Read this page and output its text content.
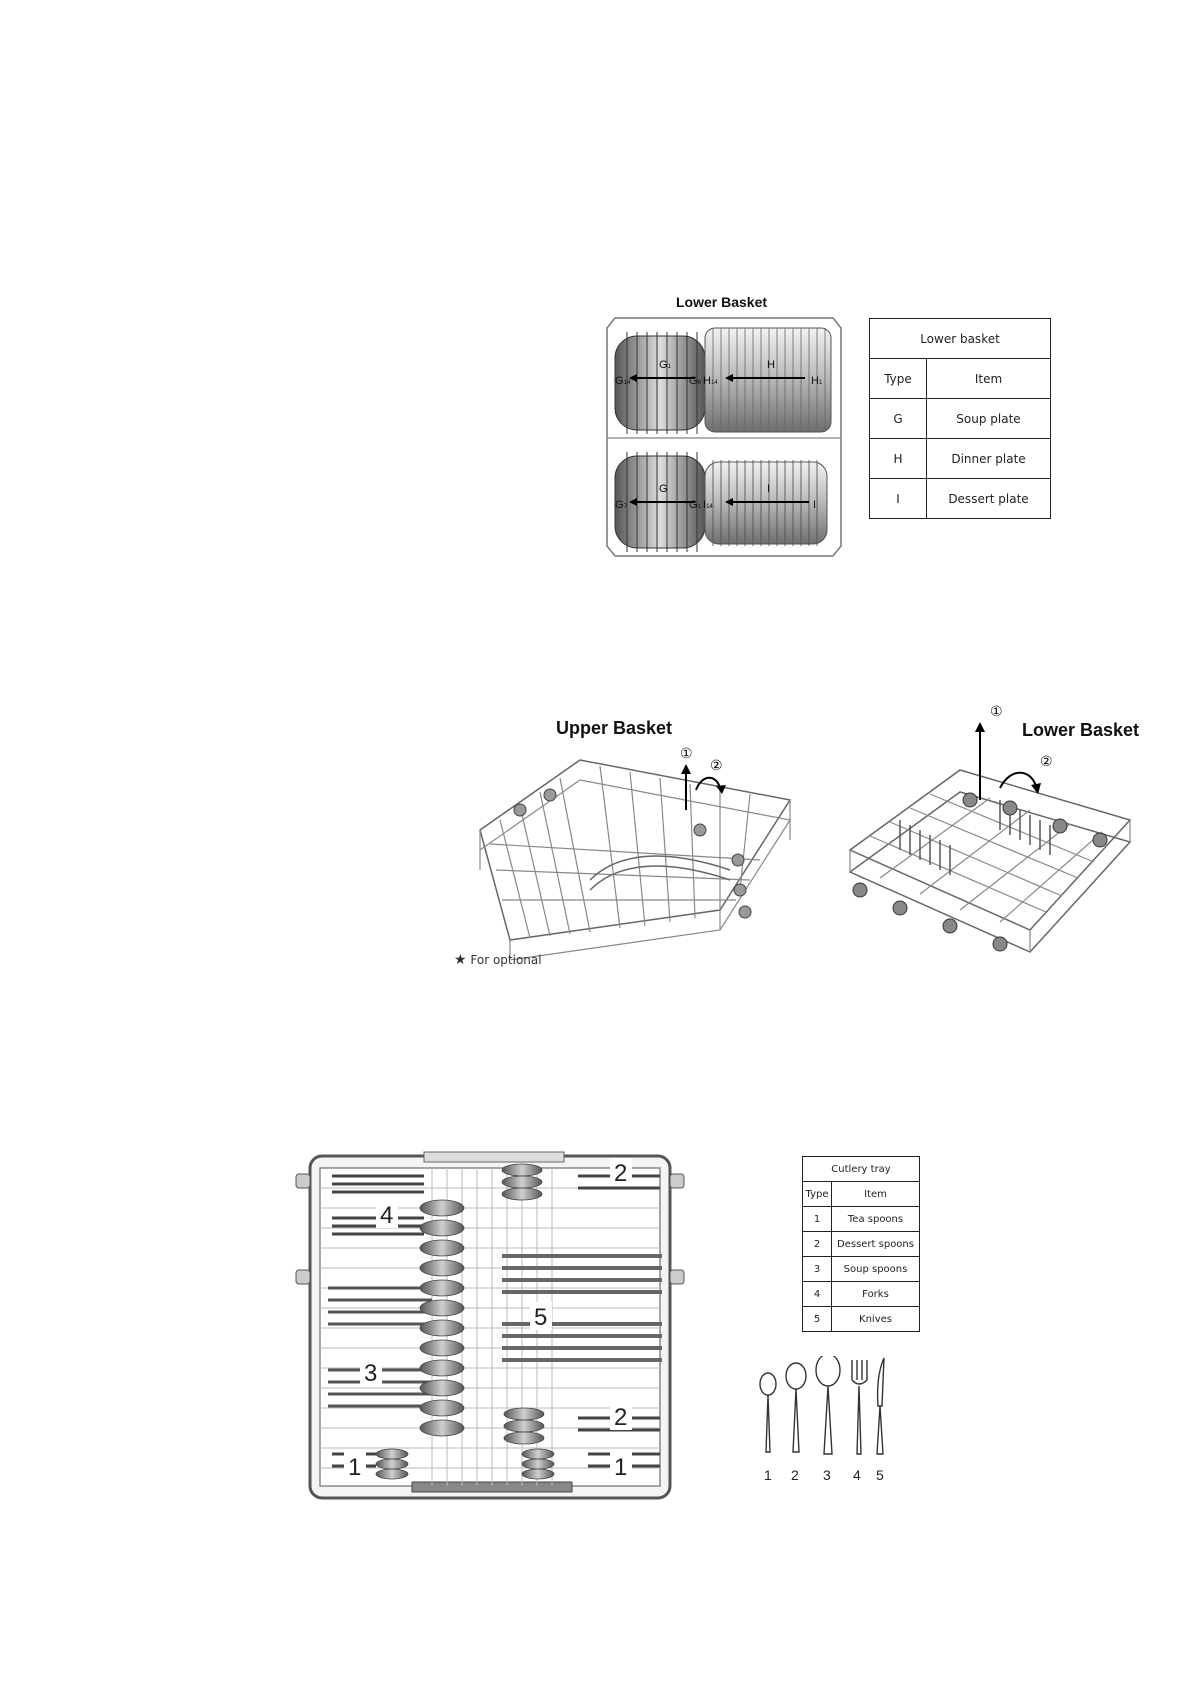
Lower Basket
G14
G1
G6 H14
H
H1
G7
G
G1 I14
I
I
Lower basket	
Type	Item
G	Soup plate
H	Dinner plate
I	Dessert plate
Upper Basket	Lower Basket
①
②
①
②
★ For optional
4
2
5
3
2
1	1
Cutlery tray	
Type	Item
1	Tea spoons
2	Dessert spoons
3	Soup spoons
4	Forks
5	Knives
1 2 3 4 5
